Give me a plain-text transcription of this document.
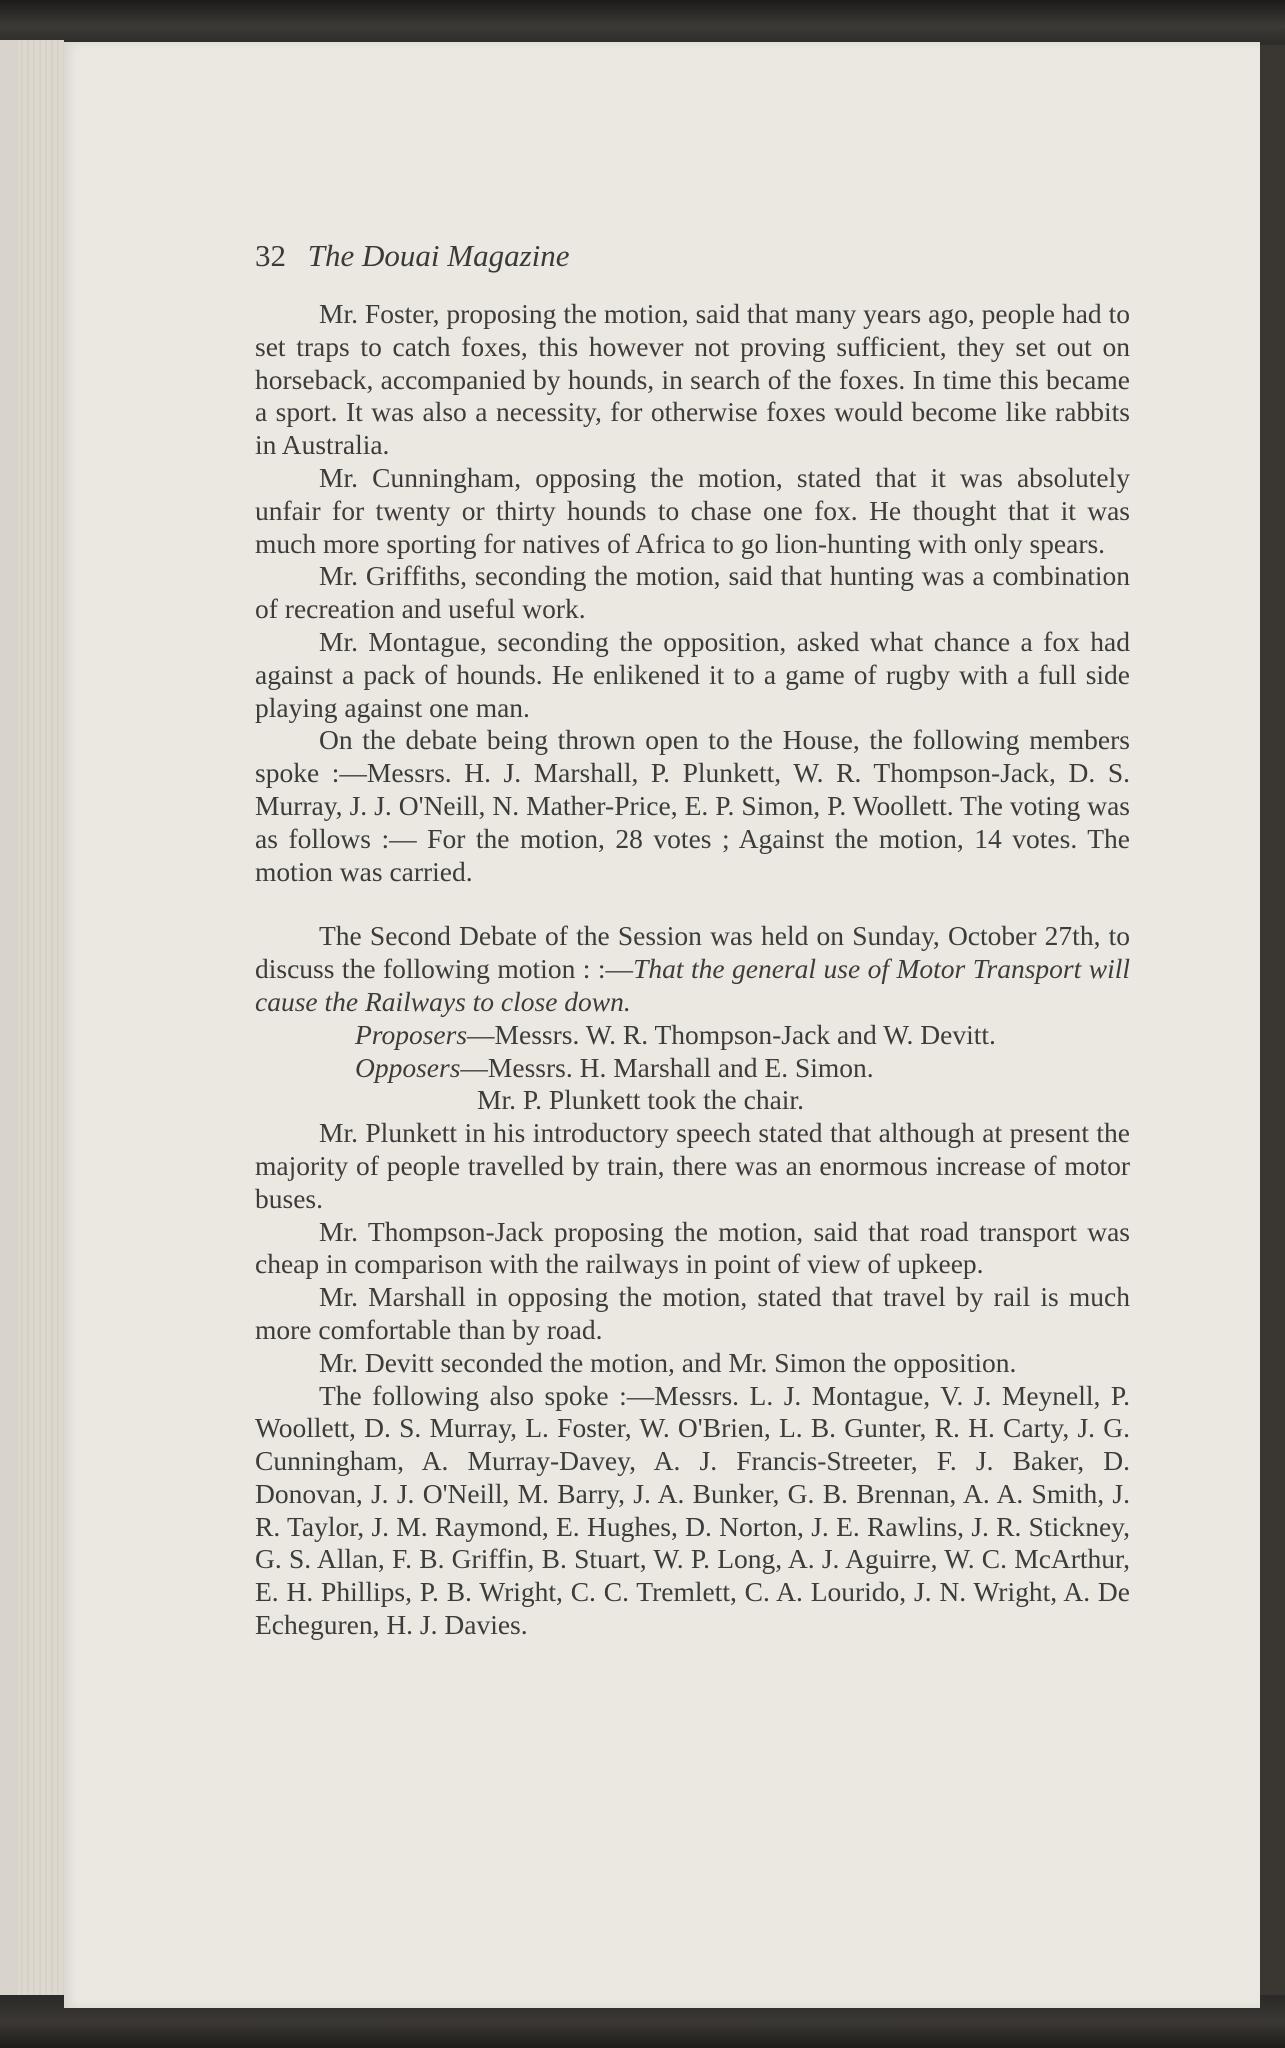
32 The Douai Magazine

Mr. Foster, proposing the motion, said that many years ago, people had to set traps to catch foxes, this however not proving sufficient, they set out on horseback, accompanied by hounds, in search of the foxes. In time this became a sport. It was also a necessity, for otherwise foxes would become like rabbits in Australia.

Mr. Cunningham, opposing the motion, stated that it was absolutely unfair for twenty or thirty hounds to chase one fox. He thought that it was much more sporting for natives of Africa to go lion-hunting with only spears.

Mr. Griffiths, seconding the motion, said that hunting was a combination of recreation and useful work.

Mr. Montague, seconding the opposition, asked what chance a fox had against a pack of hounds. He enlikened it to a game of rugby with a full side playing against one man.

On the debate being thrown open to the House, the following members spoke :—Messrs. H. J. Marshall, P. Plunkett, W. R. Thompson-Jack, D. S. Murray, J. J. O'Neill, N. Mather-Price, E. P. Simon, P. Woollett. The voting was as follows :— For the motion, 28 votes ; Against the motion, 14 votes. The motion was carried.

The Second Debate of the Session was held on Sunday, October 27th, to discuss the following motion : :—That the general use of Motor Transport will cause the Railways to close down.

Proposers—Messrs. W. R. Thompson-Jack and W. Devitt.
Opposers—Messrs. H. Marshall and E. Simon.
Mr. P. Plunkett took the chair.

Mr. Plunkett in his introductory speech stated that although at present the majority of people travelled by train, there was an enormous increase of motor buses.

Mr. Thompson-Jack proposing the motion, said that road transport was cheap in comparison with the railways in point of view of upkeep.

Mr. Marshall in opposing the motion, stated that travel by rail is much more comfortable than by road.

Mr. Devitt seconded the motion, and Mr. Simon the opposition.

The following also spoke :—Messrs. L. J. Montague, V. J. Meynell, P. Woollett, D. S. Murray, L. Foster, W. O'Brien, L. B. Gunter, R. H. Carty, J. G. Cunningham, A. Murray-Davey, A. J. Francis-Streeter, F. J. Baker, D. Donovan, J. J. O'Neill, M. Barry, J. A. Bunker, G. B. Brennan, A. A. Smith, J. R. Taylor, J. M. Raymond, E. Hughes, D. Norton, J. E. Rawlins, J. R. Stickney, G. S. Allan, F. B. Griffin, B. Stuart, W. P. Long, A. J. Aguirre, W. C. McArthur, E. H. Phillips, P. B. Wright, C. C. Tremlett, C. A. Lourido, J. N. Wright, A. De Echeguren, H. J. Davies.
